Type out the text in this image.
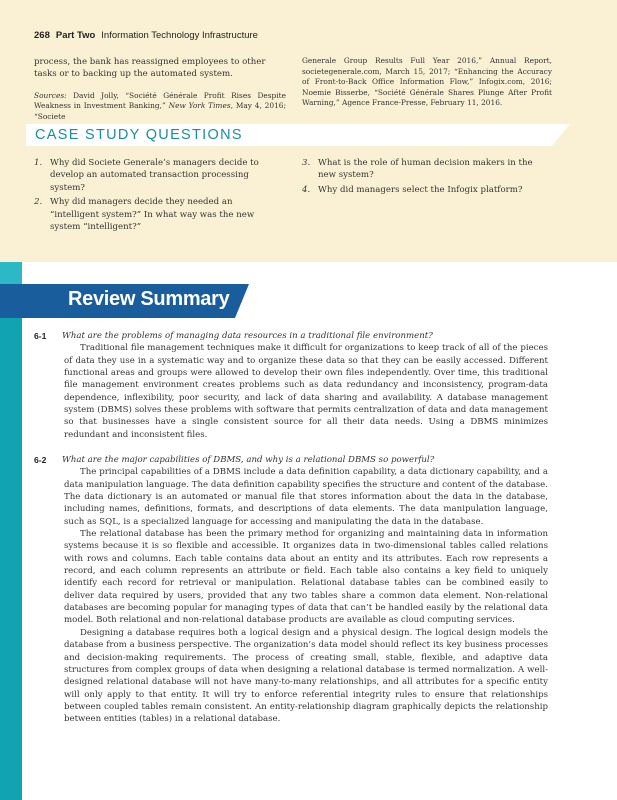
268 Part Two Information Technology Infrastructure
process, the bank has reassigned employees to other tasks or to backing up the automated system.
Sources: David Jolly, “Société Générale Profit Rises Despite Weakness in Investment Banking,” New York Times, May 4, 2016; “Societe
Generale Group Results Full Year 2016,” Annual Report, societegenerale.com, March 15, 2017; “Enhancing the Accuracy of Front-to-Back Office Information Flow,” Infogix.com, 2016; Noemie Bisserbe, “Société Générale Shares Plunge After Profit Warning,” Agence France-Presse, February 11, 2016.
CASE STUDY QUESTIONS
1. Why did Societe Generale’s managers decide to develop an automated transaction processing system?
2. Why did managers decide they needed an “intelligent system?” In what way was the new system “intelligent?”
3. What is the role of human decision makers in the new system?
4. Why did managers select the Infogix platform?
Review Summary
6-1 What are the problems of managing data resources in a traditional file environment?

Traditional file management techniques make it difficult for organizations to keep track of all of the pieces of data they use in a systematic way and to organize these data so that they can be easily accessed. Different functional areas and groups were allowed to develop their own files independently. Over time, this traditional file management environment creates problems such as data redundancy and inconsistency, program-data dependence, inflexibility, poor security, and lack of data sharing and availability. A database management system (DBMS) solves these problems with software that permits centralization of data and data management so that businesses have a single consistent source for all their data needs. Using a DBMS minimizes redundant and inconsistent files.

6-2 What are the major capabilities of DBMS, and why is a relational DBMS so powerful?

The principal capabilities of a DBMS include a data definition capability, a data dictionary capability, and a data manipulation language. The data definition capability specifies the structure and content of the database. The data dictionary is an automated or manual file that stores information about the data in the database, including names, definitions, formats, and descriptions of data elements. The data manipulation language, such as SQL, is a specialized language for accessing and manipulating the data in the database.

The relational database has been the primary method for organizing and maintaining data in information systems because it is so flexible and accessible. It organizes data in two-dimensional tables called relations with rows and columns. Each table contains data about an entity and its attributes. Each row represents a record, and each column represents an attribute or field. Each table also contains a key field to uniquely identify each record for retrieval or manipulation. Relational database tables can be combined easily to deliver data required by users, provided that any two tables share a common data element. Non-relational databases are becoming popular for managing types of data that can’t be handled easily by the relational data model. Both relational and non-relational database products are available as cloud computing services.

Designing a database requires both a logical design and a physical design. The logical design models the database from a business perspective. The organization’s data model should reflect its key business processes and decision-making requirements. The process of creating small, stable, flexible, and adaptive data structures from complex groups of data when designing a relational database is termed normalization. A well-designed relational database will not have many-to-many relationships, and all attributes for a specific entity will only apply to that entity. It will try to enforce referential integrity rules to ensure that relationships between coupled tables remain consistent. An entity-relationship diagram graphically depicts the relationship between entities (tables) in a relational database.
